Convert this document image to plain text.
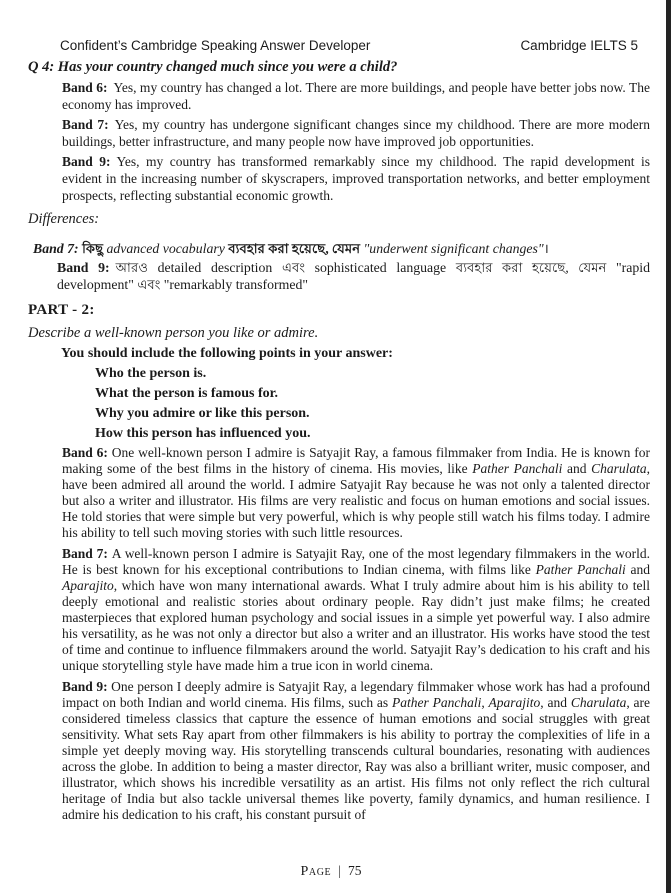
Confident’s Cambridge Speaking Answer Developer	Cambridge IELTS 5
Q 4: Has your country changed much since you were a child?

Band 6: Yes, my country has changed a lot. There are more buildings, and people have better jobs now. The economy has improved.

Band 7: Yes, my country has undergone significant changes since my childhood. There are more modern buildings, better infrastructure, and many people now have improved job opportunities.

Band 9: Yes, my country has transformed remarkably since my childhood. The rapid development is evident in the increasing number of skyscrapers, improved transportation networks, and better employment prospects, reflecting substantial economic growth.

Differences:

Band 7: কিছু advanced vocabulary ব্যবহার করা হয়েছে, যেমন "underwent significant changes"।

Band 9: আরও detailed description এবং sophisticated language ব্যবহার করা হয়েছে, যেমন "rapid development" এবং "remarkably transformed"

PART - 2:
Describe a well-known person you like or admire.
You should include the following points in your answer:
Who the person is.
What the person is famous for.
Why you admire or like this person.
How this person has influenced you.

Band 6: One well-known person I admire is Satyajit Ray, a famous filmmaker from India. He is known for making some of the best films in the history of cinema. His movies, like Pather Panchali and Charulata, have been admired all around the world. I admire Satyajit Ray because he was not only a talented director but also a writer and illustrator. His films are very realistic and focus on human emotions and social issues. He told stories that were simple but very powerful, which is why people still watch his films today. I admire his ability to tell such moving stories with such little resources.

Band 7: A well-known person I admire is Satyajit Ray, one of the most legendary filmmakers in the world. He is best known for his exceptional contributions to Indian cinema, with films like Pather Panchali and Aparajito, which have won many international awards. What I truly admire about him is his ability to tell deeply emotional and realistic stories about ordinary people. Ray didn’t just make films; he created masterpieces that explored human psychology and social issues in a simple yet powerful way. I also admire his versatility, as he was not only a director but also a writer and an illustrator. His works have stood the test of time and continue to influence filmmakers around the world. Satyajit Ray’s dedication to his craft and his unique storytelling style have made him a true icon in world cinema.

Band 9: One person I deeply admire is Satyajit Ray, a legendary filmmaker whose work has had a profound impact on both Indian and world cinema. His films, such as Pather Panchali, Aparajito, and Charulata, are considered timeless classics that capture the essence of human emotions and social struggles with great sensitivity. What sets Ray apart from other filmmakers is his ability to portray the complexities of life in a simple yet deeply moving way. His storytelling transcends cultural boundaries, resonating with audiences across the globe. In addition to being a master director, Ray was also a brilliant writer, music composer, and illustrator, which shows his incredible versatility as an artist. His films not only reflect the rich cultural heritage of India but also tackle universal themes like poverty, family dynamics, and human resilience. I admire his dedication to his craft, his constant pursuit of

Page | 75
